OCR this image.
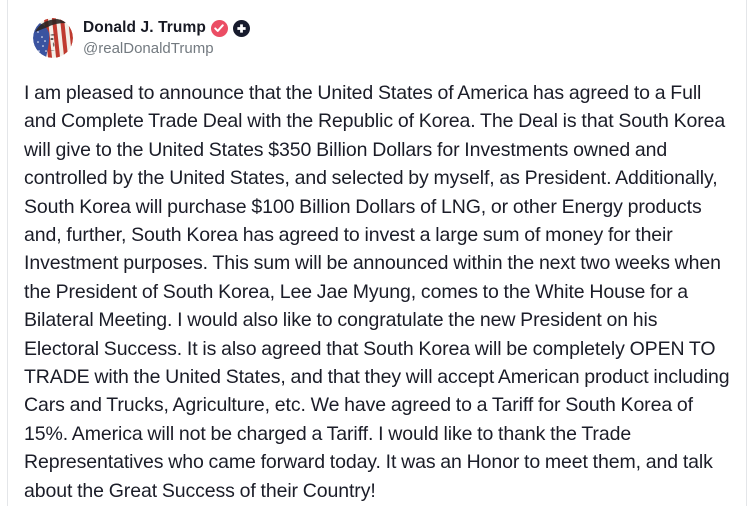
Donald J. Trump
@realDonaldTrump

I am pleased to announce that the United States of America has agreed to a Full and Complete Trade Deal with the Republic of Korea. The Deal is that South Korea will give to the United States $350 Billion Dollars for Investments owned and controlled by the United States, and selected by myself, as President. Additionally, South Korea will purchase $100 Billion Dollars of LNG, or other Energy products and, further, South Korea has agreed to invest a large sum of money for their Investment purposes. This sum will be announced within the next two weeks when the President of South Korea, Lee Jae Myung, comes to the White House for a Bilateral Meeting. I would also like to congratulate the new President on his Electoral Success. It is also agreed that South Korea will be completely OPEN TO TRADE with the United States, and that they will accept American product including Cars and Trucks, Agriculture, etc. We have agreed to a Tariff for South Korea of 15%. America will not be charged a Tariff. I would like to thank the Trade Representatives who came forward today. It was an Honor to meet them, and talk about the Great Success of their Country!
